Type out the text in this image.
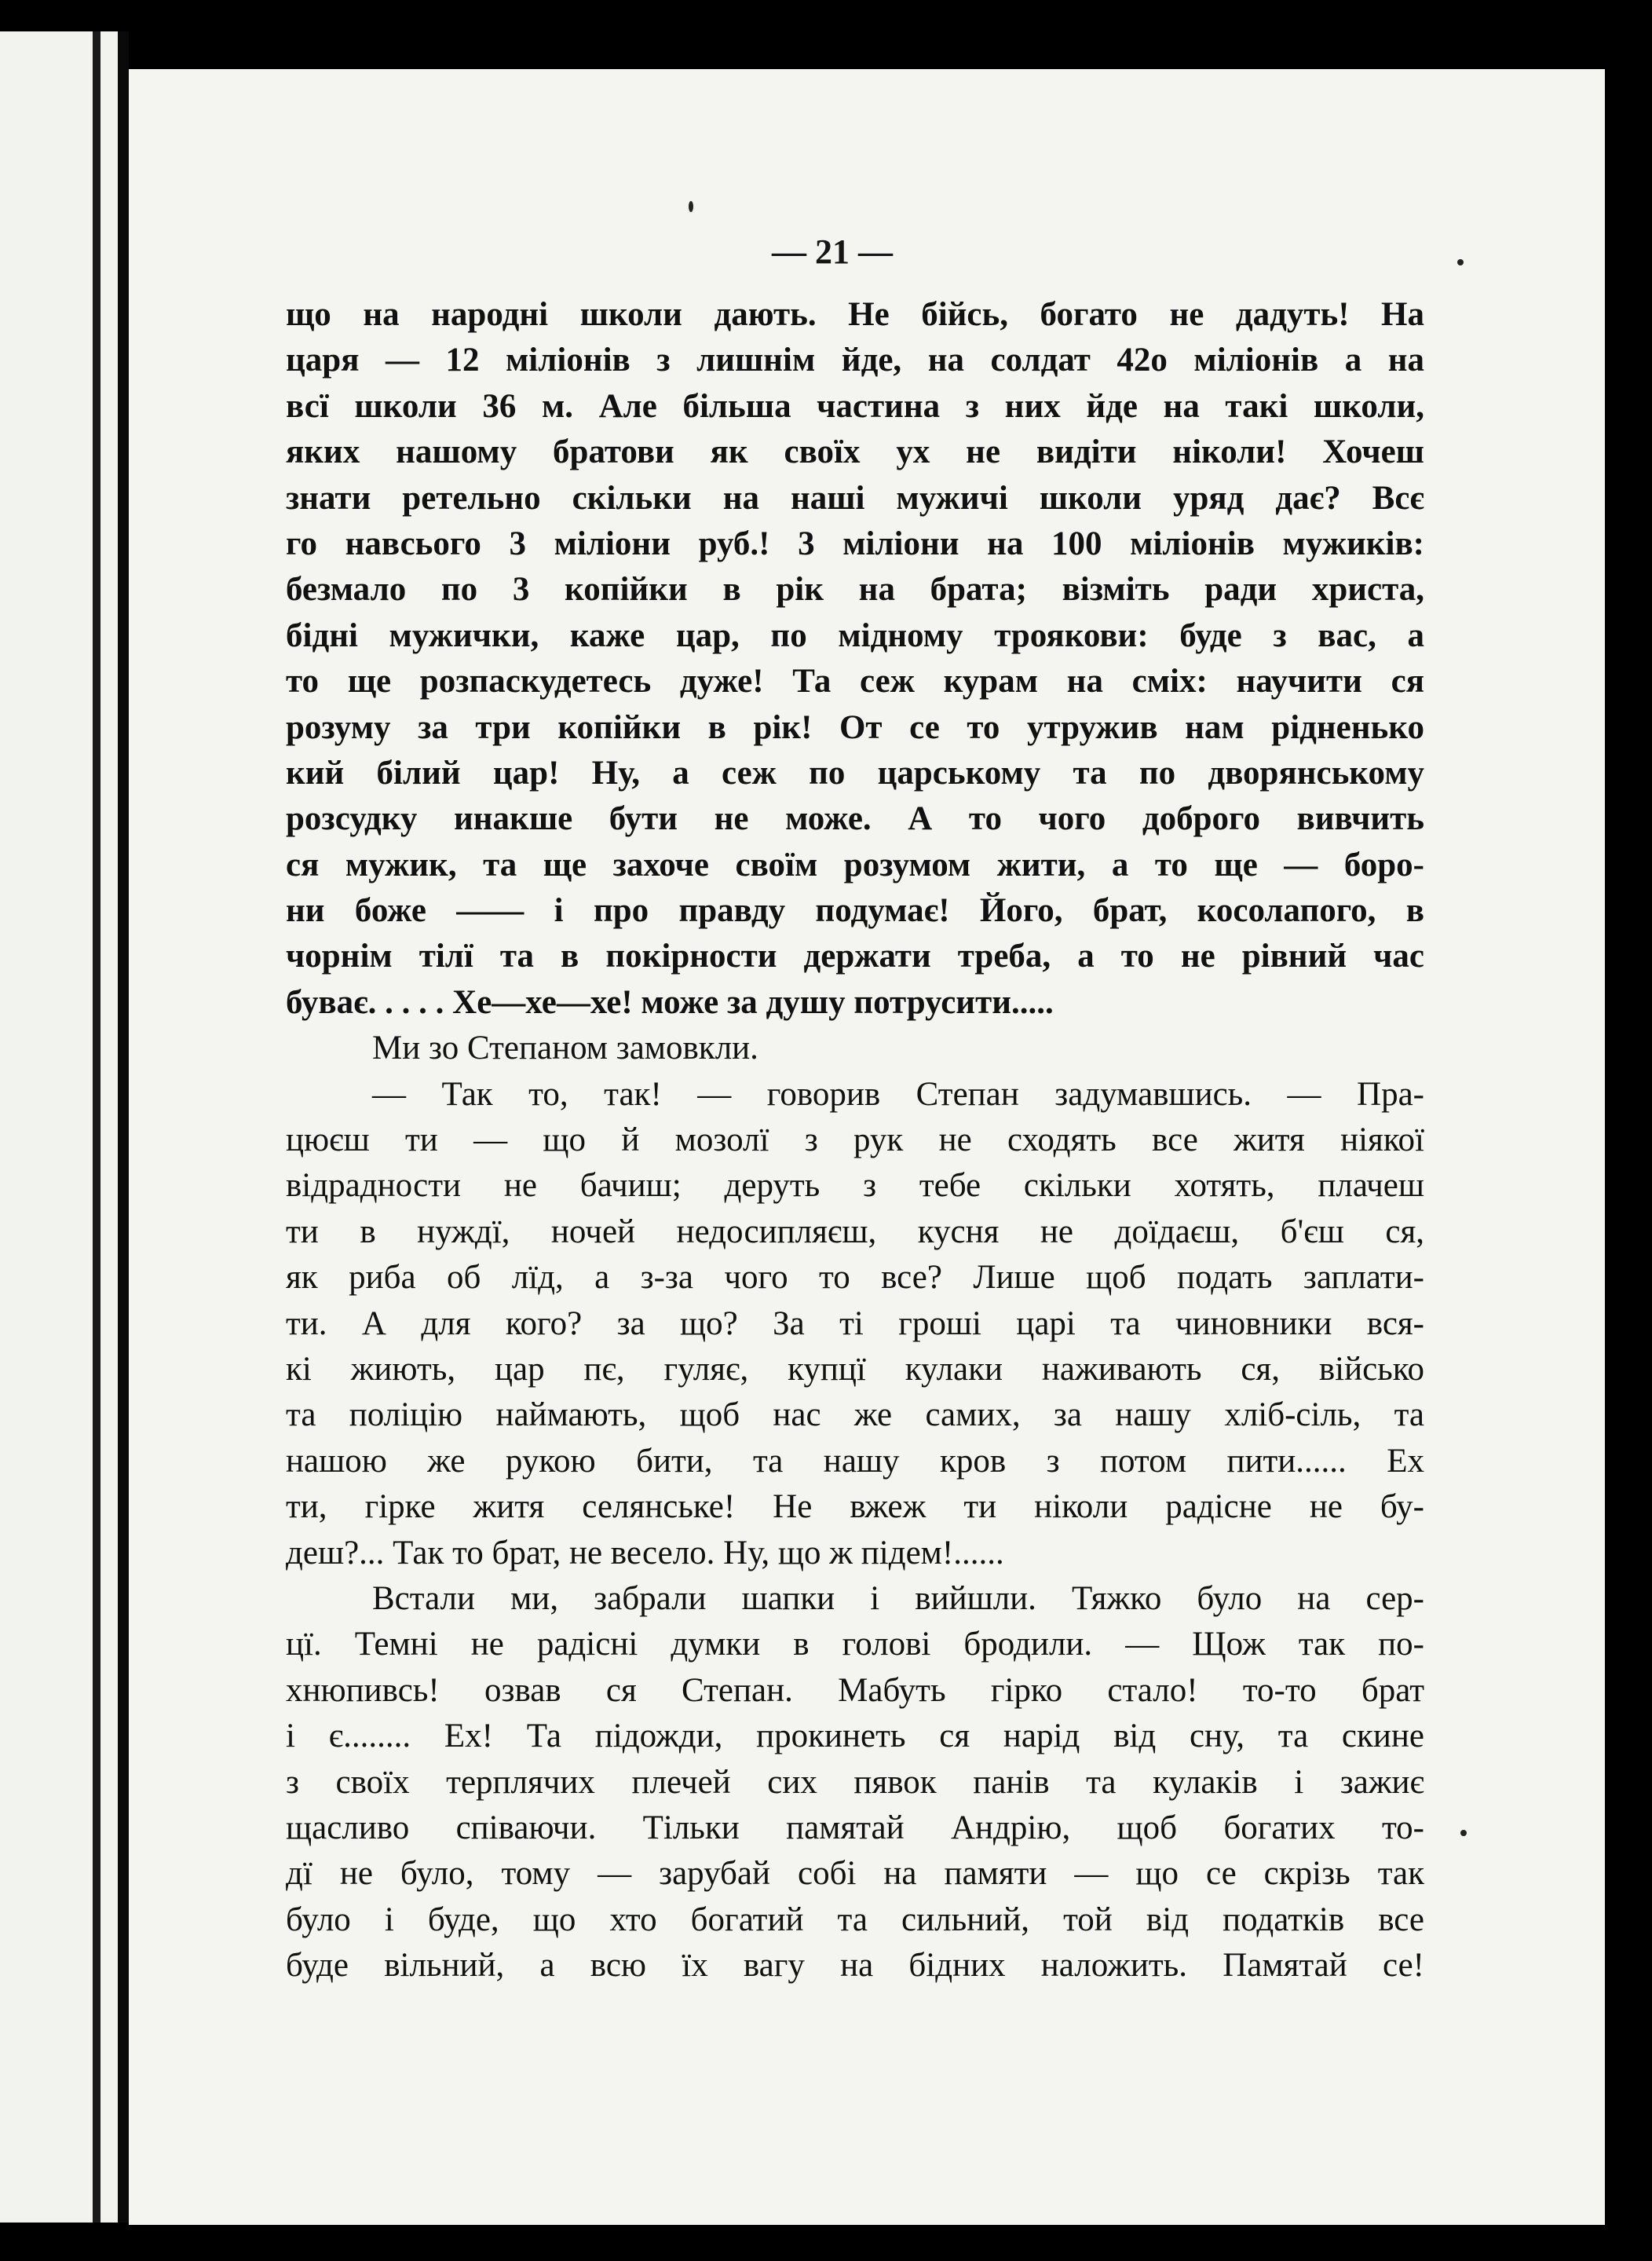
— 21 —
що на народні школи дають. Не бійсь, богато не дадуть! На
царя — 12 міліонів з лишнім йде, на солдат 42о міліонів а на
всї школи 36 м. Але більша частина з них йде на такі школи,
яких нашому братови як своїх ух не видіти ніколи! Хочеш
знати ретельно скільки на наші мужичі школи уряд дає? Всє
го навсього 3 міліони руб.! 3 міліони на 100 міліонів мужиків:
безмало по 3 копійки в рік на брата; візміть ради христа,
бідні мужички, каже цар, по мідному троякови: буде з вас, а
то ще розпаскудетесь дуже! Та сеж курам на сміх: научити ся
розуму за три копійки в рік! От се то утружив нам рідненько
кий білий цар! Ну, а сеж по царському та по дворянському
розсудку инакше бути не може. А то чого доброго вивчить
ся мужик, та ще захоче своїм розумом жити, а то ще — боро-
ни боже —— і про правду подумає! Його, брат, косолапого, в
чорнім тілї та в покірности держати треба, а то не рівний час
буває. . . . . Хе—хе—хе! може за душу потрусити.....
Ми зо Степаном замовкли.
— Так то, так! — говорив Степан задумавшись. — Пра-
цюєш ти — що й мозолї з рук не сходять все житя ніякої
відрадности не бачиш; деруть з тебе скільки хотять, плачеш
ти в нуждї, ночей недосипляєш, кусня не доїдаєш, б'єш ся,
як риба об лїд, а з-за чого то все? Лише щоб подать заплати-
ти. А для кого? за що? За ті гроші царі та чиновники вся-
кі жиють, цар пє, гуляє, купцї кулаки наживають ся, військо
та поліцію наймають, щоб нас же самих, за нашу хліб-сіль, та
нашою же рукою бити, та нашу кров з потом пити...... Ех
ти, гірке житя селянське! Не вжеж ти ніколи радісне не бу-
деш?... Так то брат, не весело. Ну, що ж підем!......
Встали ми, забрали шапки і вийшли. Тяжко було на сер-
цї. Темні не радісні думки в голові бродили. — Щож так по-
хнюпивсь! озвав ся Степан. Мабуть гірко стало! то-то брат
і є........ Ех! Та підожди, прокинеть ся нарід від сну, та скине
з своїх терплячих плечей сих пявок панів та кулаків і зажиє
щасливо співаючи. Тільки памятай Андрію, щоб богатих то-
дї не було, тому — зарубай собі на памяти — що се скрізь так
було і буде, що хто богатий та сильний, той від податків все
буде вільний, а всю їх вагу на бідних наложить. Памятай се!
